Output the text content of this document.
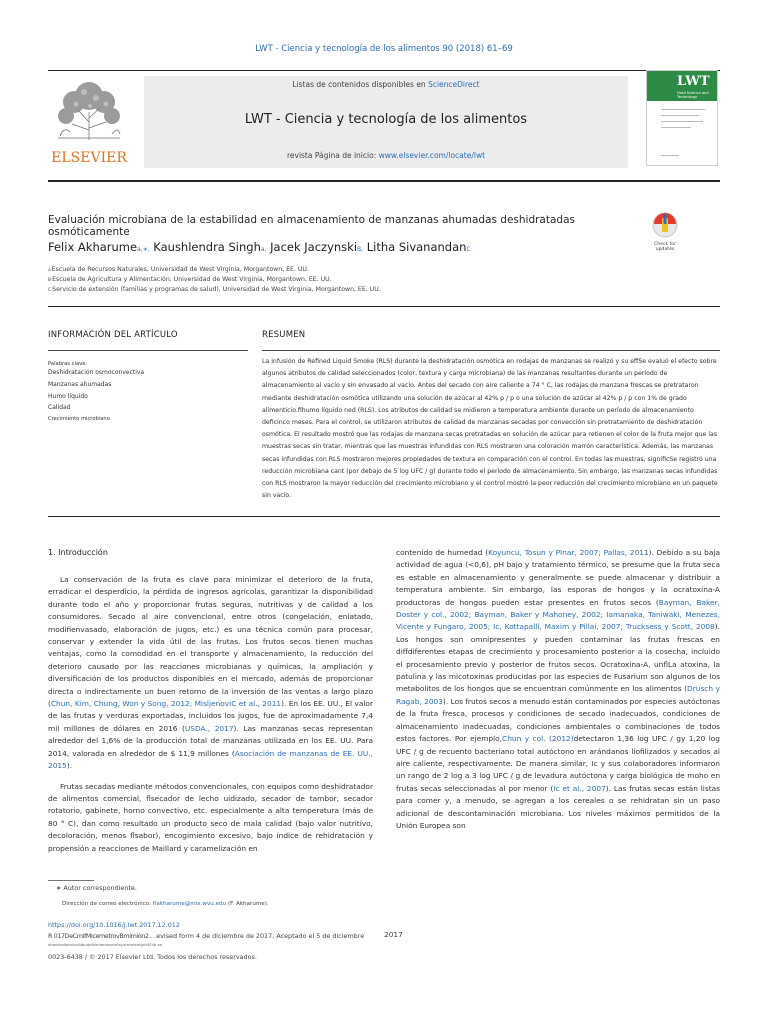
LWT - Ciencia y tecnología de los alimentos 90 (2018) 61–69
ELSEVIER
Listas de contenidos disponibles en ScienceDirect
LWT - Ciencia y tecnología de los alimentos
revista Página de inicio: www.elsevier.com/locate/lwt
LWT
Food Science and Technology
Evaluación microbiana de la estabilidad en almacenamiento de manzanas ahumadas deshidratadas osmóticamente
Felix Akharumea,∗, Kaushlendra Singha, Jacek JaczynskiB, Litha SivanandanC
Check for updates
aEscuela de Recursos Naturales, Universidad de West Virginia, Morgantown, EE. UU.
BEscuela de Agricultura y Alimentación, Universidad de West Virginia, Morgantown, EE. UU.
CServicio de extensión (familias y programas de salud), Universidad de West Virginia, Morgantown, EE. UU.
INFORMACIÓN DEL ARTÍCULO
Palabras clave:
Deshidratación osmoconvectiva
Manzanas ahumadas
Humo líquido
Calidad
Crecimiento microbiano
RESUMEN
La infusión de Refined Liquid Smoke (RLS) durante la deshidratación osmótica en rodajas de manzanas se realizó y su effSe evaluó el efecto sobre algunos atributos de calidad seleccionados (color, textura y carga microbiana) de las manzanas resultantes durante un período de almacenamiento al vacío y sin envasado al vacío. Antes del secado con aire caliente a 74 ° C, las rodajas de manzana frescas se pretrataron mediante deshidratación osmótica utilizando una solución de azúcar al 42% p / p o una solución de azúcar al 42% p / p con 1% de grado alimenticio.fihumo líquido ned (RLS). Los atributos de calidad se midieron a temperatura ambiente durante un período de almacenamiento deficinco meses. Para el control, se utilizaron atributos de calidad de manzanas secadas por convección sin pretratamiento de deshidratación osmótica. El resultado mostró que las rodajas de manzana secas pretratadas en solución de azúcar para retienen el color de la fruta mejor que las muestras secas sin tratar, mientras que las muestras infundidas con RLS mostraron una coloración marrón característica. Además, las manzanas secas infundidas con RLS mostraron mejores propiedades de textura en comparación con el control. En todas las muestras, significSe registró una reducción microbiana cant (por debajo de 5 log UFC / g) durante todo el período de almacenamiento. Sin embargo, las manzanas secas infundidas con RLS mostraron la mayor reducción del crecimiento microbiano y el control mostró la peor reducción del crecimiento microbiano en un paquete sin vacío.
1. Introducción

La conservación de la fruta es clave para minimizar el deterioro de la fruta, erradicar el desperdicio, la pérdida de ingresos agrícolas, garantizar la disponibilidad durante todo el año y proporcionar frutas seguras, nutritivas y de calidad a los consumidores. Secado al aire convencional, entre otros (congelación, enlatado, modifienvasado, elaboración de jugos, etc.) es una técnica común para procesar, conservar y extender la vida útil de las frutas. Los frutos secos tienen muchas ventajas, como la comodidad en el transporte y almacenamiento, la reducción del deterioro causado por las reacciones microbianas y químicas, la ampliación y diversificación de los productos disponibles en el mercado, además de proporcionar directa o indirectamente un buen retorno de la inversión de las ventas a largo plazo (Chun, Kim, Chung, Won y Song, 2012; MisljenoviC et al., 2011). En los EE. UU., El valor de las frutas y verduras exportadas, incluidos los jugos, fue de aproximadamente 7,4 mil millones de dólares en 2016 (USDA., 2017). Las manzanas secas representan alrededor del 1,6% de la producción total de manzanas utilizada en los EE. UU. Para 2014, valorada en alrededor de $ 11,9 millones (Asociación de manzanas de EE. UU., 2015).

Frutas secadas mediante métodos convencionales, con equipos como deshidratador de alimentos comercial, flsecador de lecho uidizado, secador de tambor, secador rotatorio, gabinete, horno convectivo, etc. especialmente a alta temperatura (más de 80 ° C), dan como resultado un producto seco de mala calidad (bajo valor nutritivo, decoloración, menos flsabor), encogimiento excesivo, bajo índice de rehidratación y propensión a reacciones de Maillard y caramelización en

contenido de humedad (Koyuncu, Tosun y PInar, 2007; Pallas, 2011). Debido a su baja actividad de agua (<0,6), pH bajo y tratamiento térmico, se presume que la fruta seca es estable en almacenamiento y generalmente se puede almacenar y distribuir a temperatura ambiente. Sin embargo, las esporas de hongos y la ocratoxina-A productoras de hongos pueden estar presentes en frutos secos (Bayman, Baker, Doster y col., 2002; Bayman, Baker y Mahoney, 2002; Iamanaka, Taniwaki, Menezes, Vicente y Fungaro, 2005; Ic, Kottapalli, Maxim y Pillai, 2007; Trucksess y Scott, 2008). Los hongos son omnipresentes y pueden contaminar las frutas frescas en diffdiferentes etapas de crecimiento y procesamiento posterior a la cosecha, incluido el procesamiento previo y posterior de frutos secos. Ocratoxina-A, unflLa atoxina, la patulina y las micotoxinas producidas por las especies de Fusarium son algunos de los metabolitos de los hongos que se encuentran comúnmente en los alimentos (Drusch y Ragab, 2003). Los frutos secos a menudo están contaminados por especies autóctonas de la fruta fresca, procesos y condiciones de secado inadecuados, condiciones de almacenamiento inadecuadas, condiciones ambientales o combinaciones de todos estos factores. Por ejemplo,Chun y col. (2012)detectaron 1,36 log UFC / gy 1,20 log UFC / g de recuento bacteriano total autóctono en arándanos liofilizados y secados al aire caliente, respectivamente. De manera similar, Ic y sus colaboradores informaron un rango de 2 log a 3 log UFC / g de levadura autóctona y carga biológica de moho en frutas secas seleccionadas al por menor (Ic et al., 2007). Las frutas secas están listas para comer y, a menudo, se agregan a los cereales o se rehidratan sin un paso adicional de descontaminación microbiana. Los niveles máximos permitidos de la Unión Europea son

∗ Autor correspondiente.
Dirección de correo electrónico: fiakharume@mix.wvu.edu (F. Akharume).
https://doi.org/10.1016/j.lwt.2017.12.012
R 017DeCmifMicemetrovBmimiorı2......evised form 4 de diciembre de 2017; Aceptado el 5 de diciembre	2017
diaesibelbimisviblbudelbimientosemlayoretaremgrit4Elib ee
0023-6438 / © 2017 Elsevier Ltd. Todos los derechos reservados.
